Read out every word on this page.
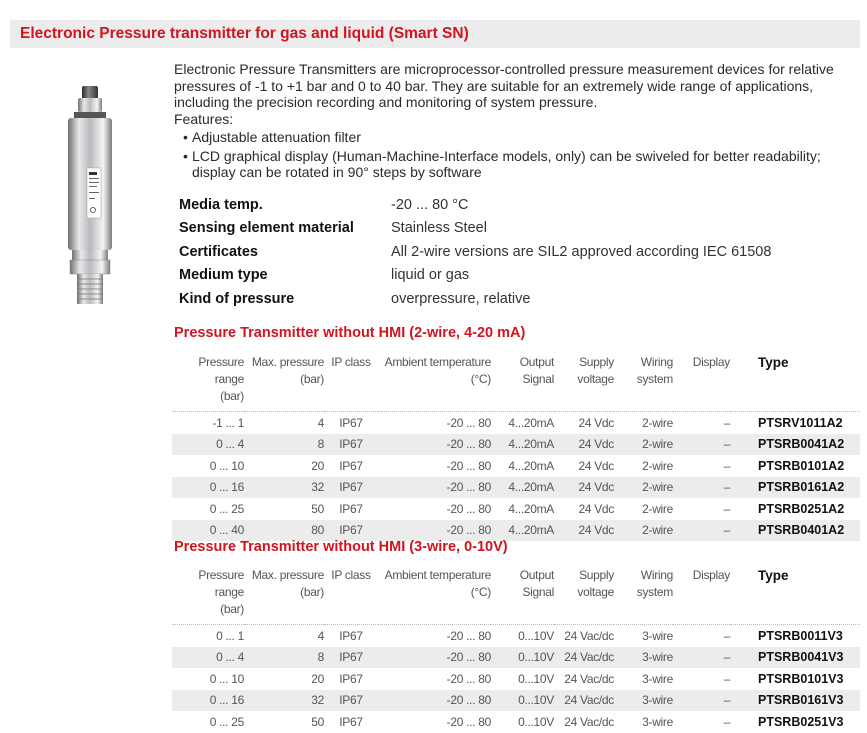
Electronic Pressure transmitter for gas and liquid (Smart SN)

Electronic Pressure Transmitters are microprocessor-controlled pressure measurement devices for relative pressures of -1 to +1 bar and 0 to 40 bar. They are suitable for an extremely wide range of applications, including the precision recording and monitoring of system pressure.

Features:

• Adjustable attenuation filter
• LCD graphical display (Human-Machine-Interface models, only) can be swiveled for better readability; display can be rotated in 90° steps by software
Media temp.	-20 ... 80 °C
Sensing element material	Stainless Steel
Certificates	All 2-wire versions are SIL2 approved according IEC 61508
Medium type	liquid or gas
Kind of pressure	overpressure, relative
Pressure Transmitter without HMI (2-wire, 4-20 mA)
Pressure range
(bar)	Max. pressure
(bar)	IP class	Ambient temperature
(°C)	Output
Signal	Supply
voltage	Wiring
system	Display	Type
-1 ... 1	4	IP67	-20 ... 80	4...20mA	24 Vdc	2-wire	–	PTSRV1011A2
0 ... 4	8	IP67	-20 ... 80	4...20mA	24 Vdc	2-wire	–	PTSRB0041A2
0 ... 10	20	IP67	-20 ... 80	4...20mA	24 Vdc	2-wire	–	PTSRB0101A2
0 ... 16	32	IP67	-20 ... 80	4...20mA	24 Vdc	2-wire	–	PTSRB0161A2
0 ... 25	50	IP67	-20 ... 80	4...20mA	24 Vdc	2-wire	–	PTSRB0251A2
0 ... 40	80	IP67	-20 ... 80	4...20mA	24 Vdc	2-wire	–	PTSRB0401A2
Pressure Transmitter without HMI (3-wire, 0-10V)
Pressure range
(bar)	Max. pressure
(bar)	IP class	Ambient temperature
(°C)	Output
Signal	Supply
voltage	Wiring
system	Display	Type
0 ... 1	4	IP67	-20 ... 80	0...10V	24 Vac/dc	3-wire	–	PTSRB0011V3
0 ... 4	8	IP67	-20 ... 80	0...10V	24 Vac/dc	3-wire	–	PTSRB0041V3
0 ... 10	20	IP67	-20 ... 80	0...10V	24 Vac/dc	3-wire	–	PTSRB0101V3
0 ... 16	32	IP67	-20 ... 80	0...10V	24 Vac/dc	3-wire	–	PTSRB0161V3
0 ... 25	50	IP67	-20 ... 80	0...10V	24 Vac/dc	3-wire	–	PTSRB0251V3
